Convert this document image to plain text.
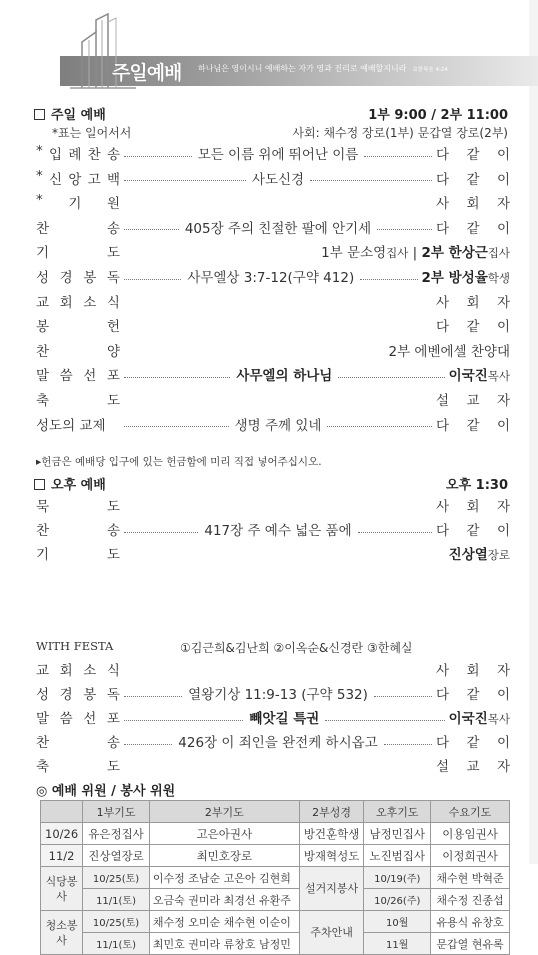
주일예배 하나님은 영이시니 예배하는 자가 영과 진리로 예배할지니라 요한복음 4:24
주일 예배	1부 9:00 / 2부 11:00
*표는 일어서서	사회: 채수정 장로(1부) 문갑열 장로(2부)
* 입 례 찬 송	모든 이름 위에 뛰어난 이름	다 같 이
* 신 앙 고 백	사도신경	다 같 이
* 기 원	사 회 자
찬	송	405장 주의 친절한 팔에 안기세	다 같 이
기	도	1부 문소영집사 | 2부 한상근집사
성 경 봉 독	사무엘상 3:7-12(구약 412)	2부 방성율학생
교 회 소 식	사 회 자
봉	헌	다 같 이
찬	양	2부 에벤에셀 찬양대
말 씀 선 포	사무엘의 하나님	이국진목사
축	도	설 교 자
성도의 교제	생명 주께 있네	다 같 이
▸헌금은 예배당 입구에 있는 헌금함에 미리 직접 넣어주십시오.
오후 예배	오후 1:30
묵	도	사 회 자
찬	송	417장 주 예수 넓은 품에	다 같 이
기	도	진상열장로
WITH FESTA	①김근희&김난희 ②이옥순&신경란 ③한혜실
교 회 소 식	사 회 자
성 경 봉 독	열왕기상 11:9-13 (구약 532)	다 같 이
말 씀 선 포	빼앗길 특권	이국진목사
찬	송	426장 이 죄인을 완전케 하시옵고	다 같 이
축	도	설 교 자
◎ 예배 위원 / 봉사 위원
	1부기도	2부기도	2부성경	오후기도	수요기도
10/26	유은정집사	고은아권사	방건훈학생	남정민집사	이용임권사
11/2	진상열장로	최민호장로	방재혁성도	노진범집사	이정희권사
식당봉사	10/25(토)	이수정 조남순 고은아 김현희	설거지봉사	10/19(주)	채수현 박혁준
	11/1(토)	오금숙 권미라 최경선 유환주		10/26(주)	채수정 진종섭
청소봉사	10/25(토)	채수정 오미순 채수현 이순이	주차안내	10월	유용식 유창호
	11/1(토)	최민호 권미라 류창호 남정민		11월	문갑열 현유록
